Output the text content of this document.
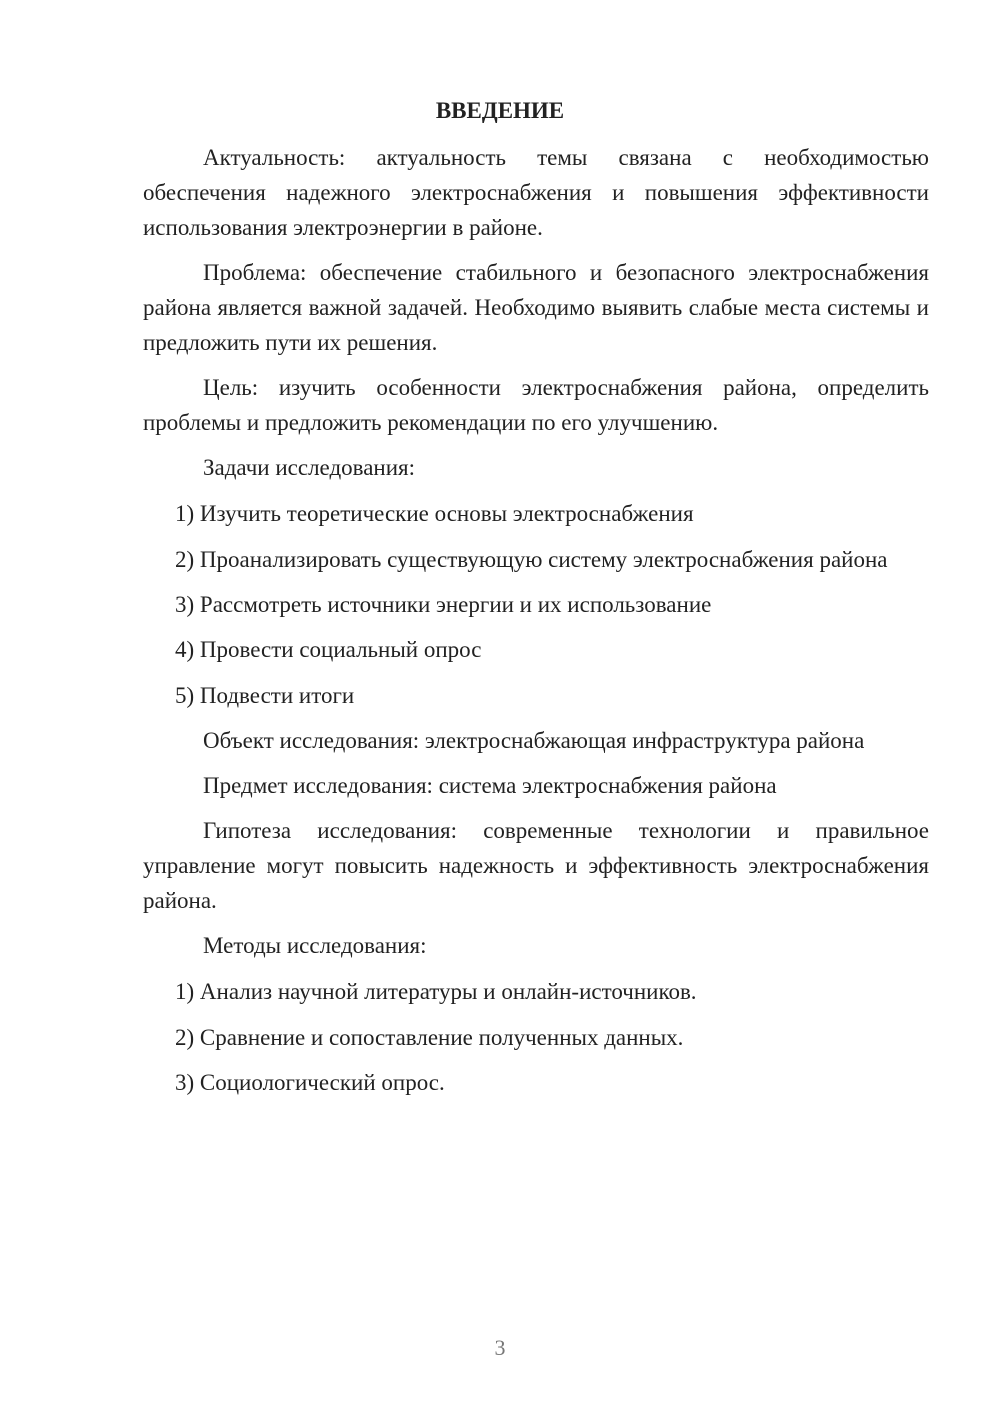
ВВЕДЕНИЕ

Актуальность: актуальность темы связана с необходимостью обеспечения надежного электроснабжения и повышения эффективности использования электроэнергии в районе.

Проблема: обеспечение стабильного и безопасного электроснабжения района является важной задачей. Необходимо выявить слабые места системы и предложить пути их решения.

Цель: изучить особенности электроснабжения района, определить проблемы и предложить рекомендации по его улучшению.

Задачи исследования:

1) Изучить теоретические основы электроснабжения

2) Проанализировать существующую систему электроснабжения района

3) Рассмотреть источники энергии и их использование

4) Провести социальный опрос

5) Подвести итоги

Объект исследования: электроснабжающая инфраструктура района

Предмет исследования: система электроснабжения района

Гипотеза исследования: современные технологии и правильное управление могут повысить надежность и эффективность электроснабжения района.

Методы исследования:

1) Анализ научной литературы и онлайн-источников.

2) Сравнение и сопоставление полученных данных.

3) Социологический опрос.

3
